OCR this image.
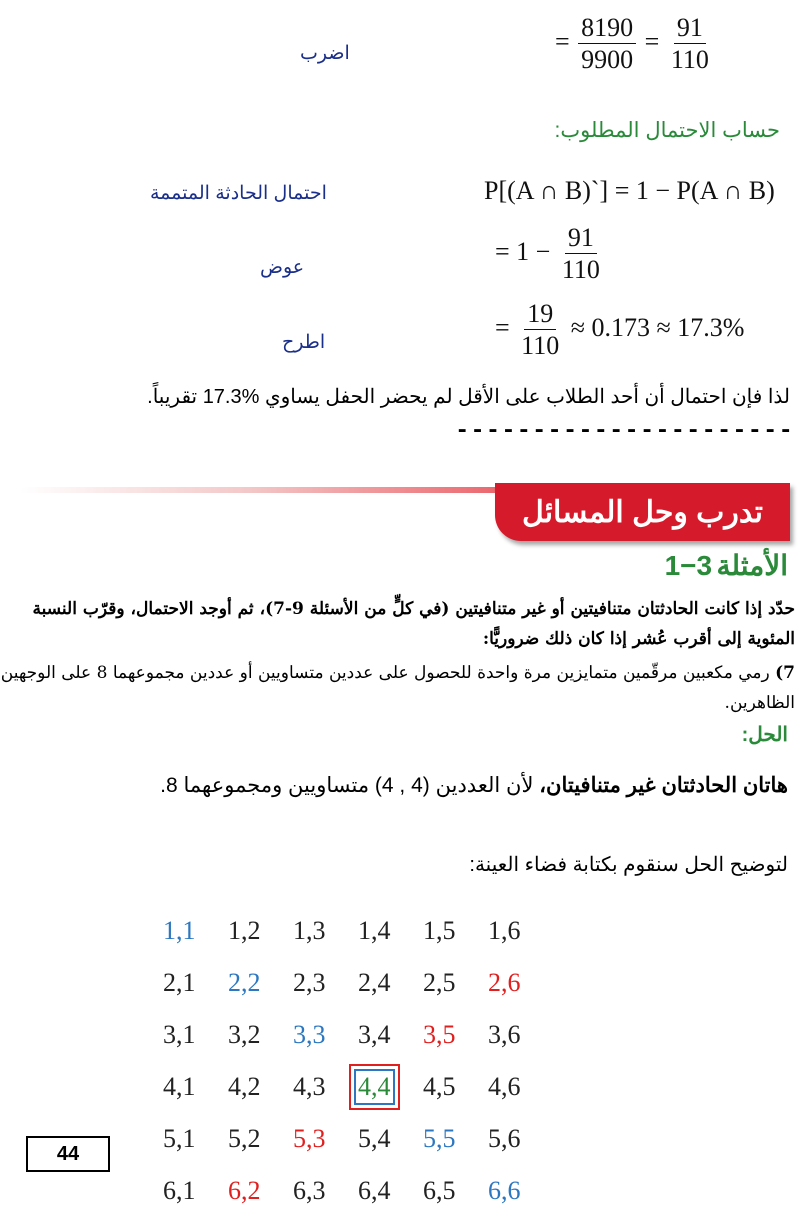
اضرب	= $\frac{8190}{9900} = \frac{91}{110}$
حساب الاحتمال المطلوب:
احتمال الحادثة المتممة	P[(A ∩ B)`] = 1 − P(A ∩ B)
عوض
= $1 - \frac{91}{110}$
اطرح
= $\frac{19}{110} \approx 0.173 \approx 17.3\%$
لذا فإن احتمال أن أحد الطلاب على الأقل لم يحضر الحفل يساوي %17.3 تقريباً.
----------------------
تدرب وحل المسائل
الأمثلة 1−3
حدّد إذا كانت الحادثتان متنافيتين أو غير متنافيتين (في كلٍّ من الأسئلة 9-7)، ثم أوجد الاحتمال، وقرّب النسبة المئوية إلى أقرب عُشر إذا كان ذلك ضروريًّا:
7) رمي مكعبين مرقّمين متمايزين مرة واحدة للحصول على عددين متساويين أو عددين مجموعهما 8 على الوجهين الظاهرين.
الحل:
هاتان الحادثتان غير متنافيتان، لأن العددين (4 , 4) متساويين ومجموعهما 8.
لتوضيح الحل سنقوم بكتابة فضاء العينة:
1,1	1,2	1,3	1,4	1,5	1,6
2,1	2,2	2,3	2,4	2,5	2,6
3,1	3,2	3,3	3,4	3,5	3,6
4,1	4,2	4,3	4,4	4,5	4,6
5,1	5,2	5,3	5,4	5,5	5,6
6,1	6,2	6,3	6,4	6,5	6,6
44
